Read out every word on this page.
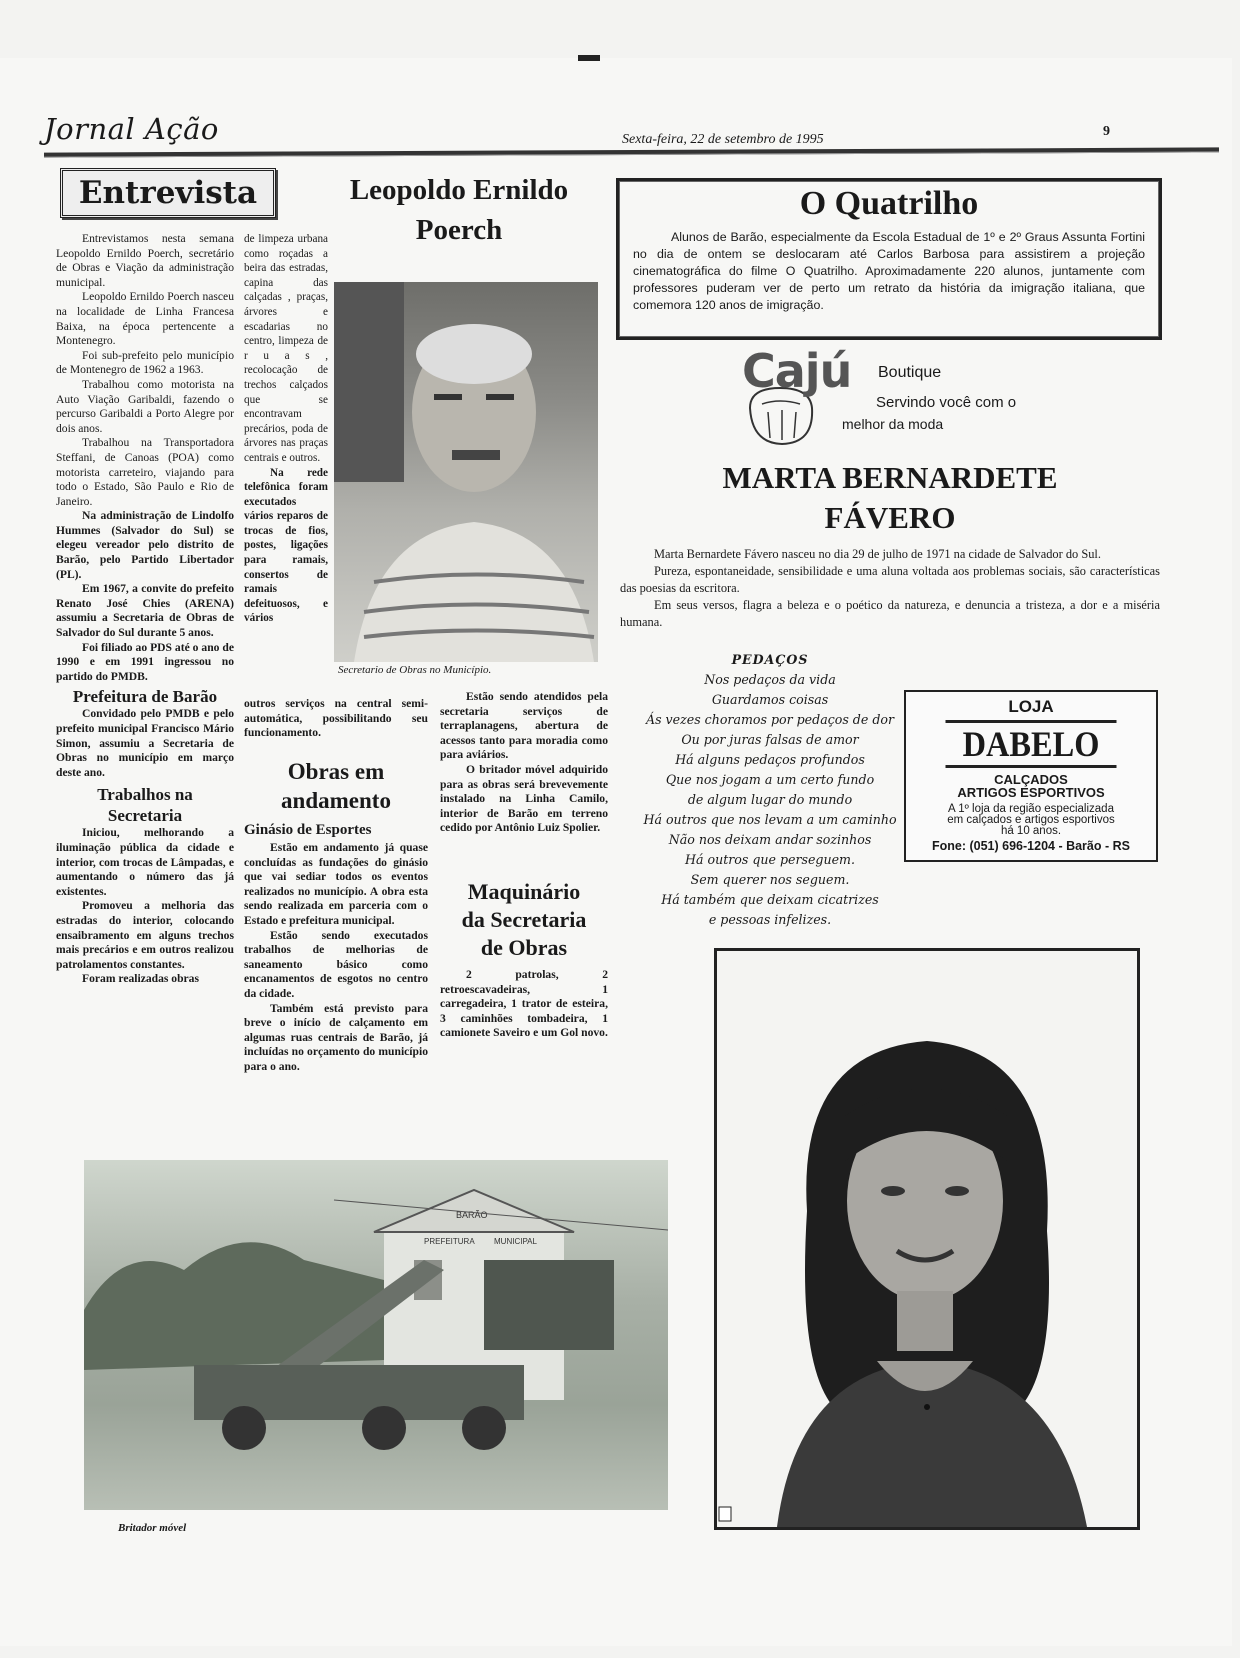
Jornal Ação	Sexta-feira, 22 de setembro de 1995
9
Entrevista	Leopoldo Ernildo
Poerch

Entrevistamos nesta semana Leopoldo Ernildo Poerch, secretário de Obras e Viação da administração municipal.

Leopoldo Ernildo Poerch nasceu na localidade de Linha Francesa Baixa, na época pertencente a Montenegro.

Foi sub-prefeito pelo município de Montenegro de 1962 a 1963.

Trabalhou como motorista na Auto Viação Garibaldi, fazendo o percurso Garibaldi a Porto Alegre por dois anos.

Trabalhou na Transportadora Steffani, de Canoas (POA) como motorista carreteiro, viajando para todo o Estado, São Paulo e Rio de Janeiro.

Na administração de Lindolfo Hummes (Salvador do Sul) se elegeu vereador pelo distrito de Barão, pelo Partido Libertador (PL).

Em 1967, a convite do prefeito Renato José Chies (ARENA) assumiu a Secretaria de Obras de Salvador do Sul durante 5 anos.

Foi filiado ao PDS até o ano de 1990 e em 1991 ingressou no partido do PMDB.

Prefeitura de Barão

Convidado pelo PMDB e pelo prefeito municipal Francisco Mário Simon, assumiu a Secretaria de Obras no município em março deste ano.

Trabalhos na
Secretaria

Iniciou, melhorando a iluminação pública da cidade e interior, com trocas de Lâmpadas, e aumentando o número das já existentes.

Promoveu a melhoria das estradas do interior, colocando ensaibramento em alguns trechos mais precários e em outros realizou patrolamentos constantes.

Foram realizadas obras

de limpeza urbana como roçadas a beira das estradas, capina das calçadas , praças, árvores e escadarias no centro, limpeza de r u a s , recolocação de trechos calçados que se encontravam precários, poda de árvores nas praças centrais e outros.

Na rede telefônica foram executados vários reparos de trocas de fios, postes, ligações para ramais, consertos de ramais defeituosos, e vários

outros serviços na central semi-automática, possibilitando seu funcionamento.

Secretario de Obras no Município.
Obras em
andamento
Ginásio de Esportes

Estão em andamento já quase concluídas as fundações do ginásio que vai sediar todos os eventos realizados no município. A obra esta sendo realizada em parceria com o Estado e prefeitura municipal.

Estão sendo executados trabalhos de melhorias de saneamento básico como encanamentos de esgotos no centro da cidade.

Também está previsto para breve o início de calçamento em algumas ruas centrais de Barão, já incluídas no orçamento do município para o ano.

Estão sendo atendidos pela secretaria serviços de terraplanagens, abertura de acessos tanto para moradia como para aviários.

O britador móvel adquirido para as obras será brevevemente instalado na Linha Camilo, interior de Barão em terreno cedido por Antônio Luiz Spolier.

Maquinário
da Secretaria
de Obras

2 patrolas, 2 retroescavadeiras, 1 carregadeira, 1 trator de esteira, 3 caminhões tombadeira, 1 camionete Saveiro e um Gol novo.

BARÃO
PREFEITURA MUNICIPAL
Britador móvel
O Quatrilho

Alunos de Barão, especialmente da Escola Estadual de 1º e 2º Graus Assunta Fortini no dia de ontem se deslocaram até Carlos Barbosa para assistirem a projeção cinematográfica do filme O Quatrilho. Aproximadamente 220 alunos, juntamente com professores puderam ver de perto um retrato da história da imigração italiana, que comemora 120 anos de imigração.

Cajú Boutique
Servindo você com o
melhor da moda
MARTA BERNARDETE
FÁVERO

Marta Bernardete Fávero nasceu no dia 29 de julho de 1971 na cidade de Salvador do Sul.

Pureza, espontaneidade, sensibilidade e uma aluna voltada aos problemas sociais, são características das poesias da escritora.

Em seus versos, flagra a beleza e o poético da natureza, e denuncia a tristeza, a dor e a miséria humana.

PEDAÇOS
Nos pedaços da vida
Guardamos coisas
Ás vezes choramos por pedaços de dor
Ou por juras falsas de amor
Há alguns pedaços profundos
Que nos jogam a um certo fundo
de algum lugar do mundo
Há outros que nos levam a um caminho
Não nos deixam andar sozinhos
Há outros que perseguem.
Sem querer nos seguem.
Há também que deixam cicatrizes
e pessoas infelizes.
LOJA
DABELO
CALÇADOS
ARTIGOS ESPORTIVOS
A 1º loja da região especializada
em calçados e artigos esportivos
há 10 anos.
Fone: (051) 696-1204 - Barão - RS
